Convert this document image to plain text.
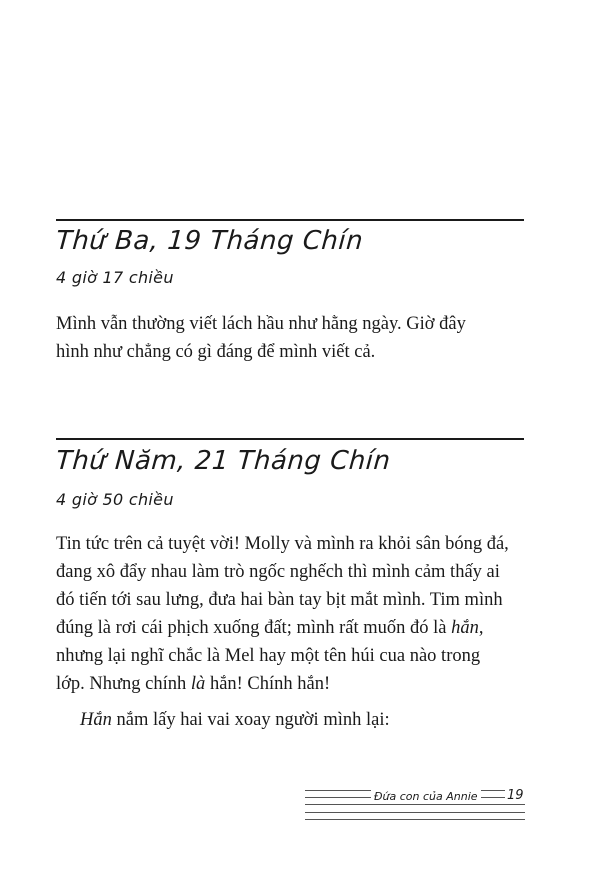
Thứ Ba, 19 Tháng Chín
4 giờ 17 chiều

Mình vẫn thường viết lách hầu như hằng ngày. Giờ đây
hình như chẳng có gì đáng để mình viết cả.

Thứ Năm, 21 Tháng Chín
4 giờ 50 chiều

Tin tức trên cả tuyệt vời! Molly và mình ra khỏi sân bóng đá,
đang xô đẩy nhau làm trò ngốc nghếch thì mình cảm thấy ai
đó tiến tới sau lưng, đưa hai bàn tay bịt mắt mình. Tim mình
đúng là rơi cái phịch xuống đất; mình rất muốn đó là hắn,
nhưng lại nghĩ chắc là Mel hay một tên húi cua nào trong
lớp. Nhưng chính là hắn! Chính hắn!

Hắn nắm lấy hai vai xoay người mình lại:

Đứa con của Annie 19
